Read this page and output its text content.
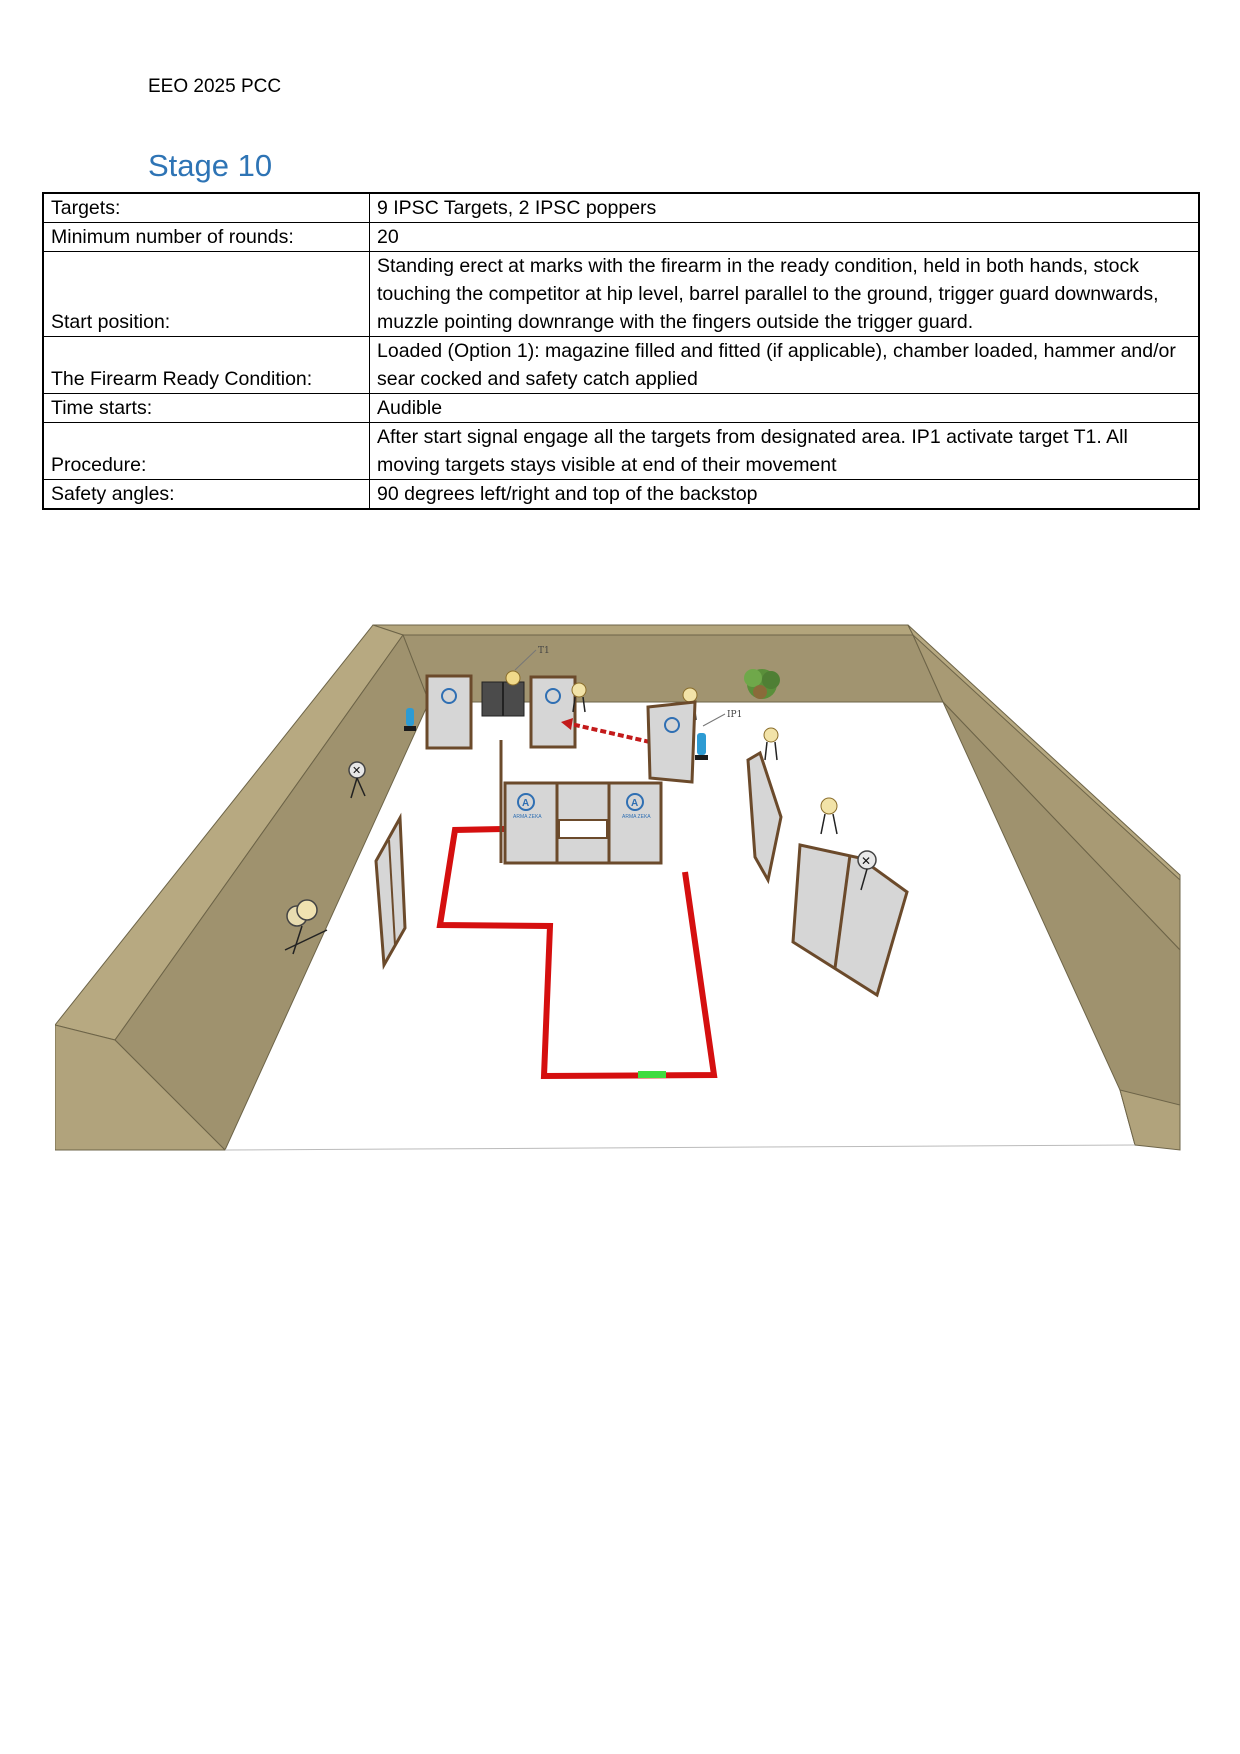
EEO 2025 PCC
Stage 10
Targets:	9 IPSC Targets, 2 IPSC poppers
Minimum number of rounds:	20
Start position:	Standing erect at marks with the firearm in the ready condition, held in both hands, stock touching the competitor at hip level, barrel parallel to the ground, trigger guard downwards, muzzle pointing downrange with the fingers outside the trigger guard.
The Firearm Ready Condition:	Loaded (Option 1): magazine filled and fitted (if applicable), chamber loaded, hammer and/or sear cocked and safety catch applied
Time starts:	Audible
Procedure:	After start signal engage all the targets from designated area. IP1 activate target T1. All moving targets stays visible at end of their movement
Safety angles:	90 degrees left/right and top of the backstop
T1
IP1
A	A
ARMA ZEKA	ARMA ZEKA
✕
✕
